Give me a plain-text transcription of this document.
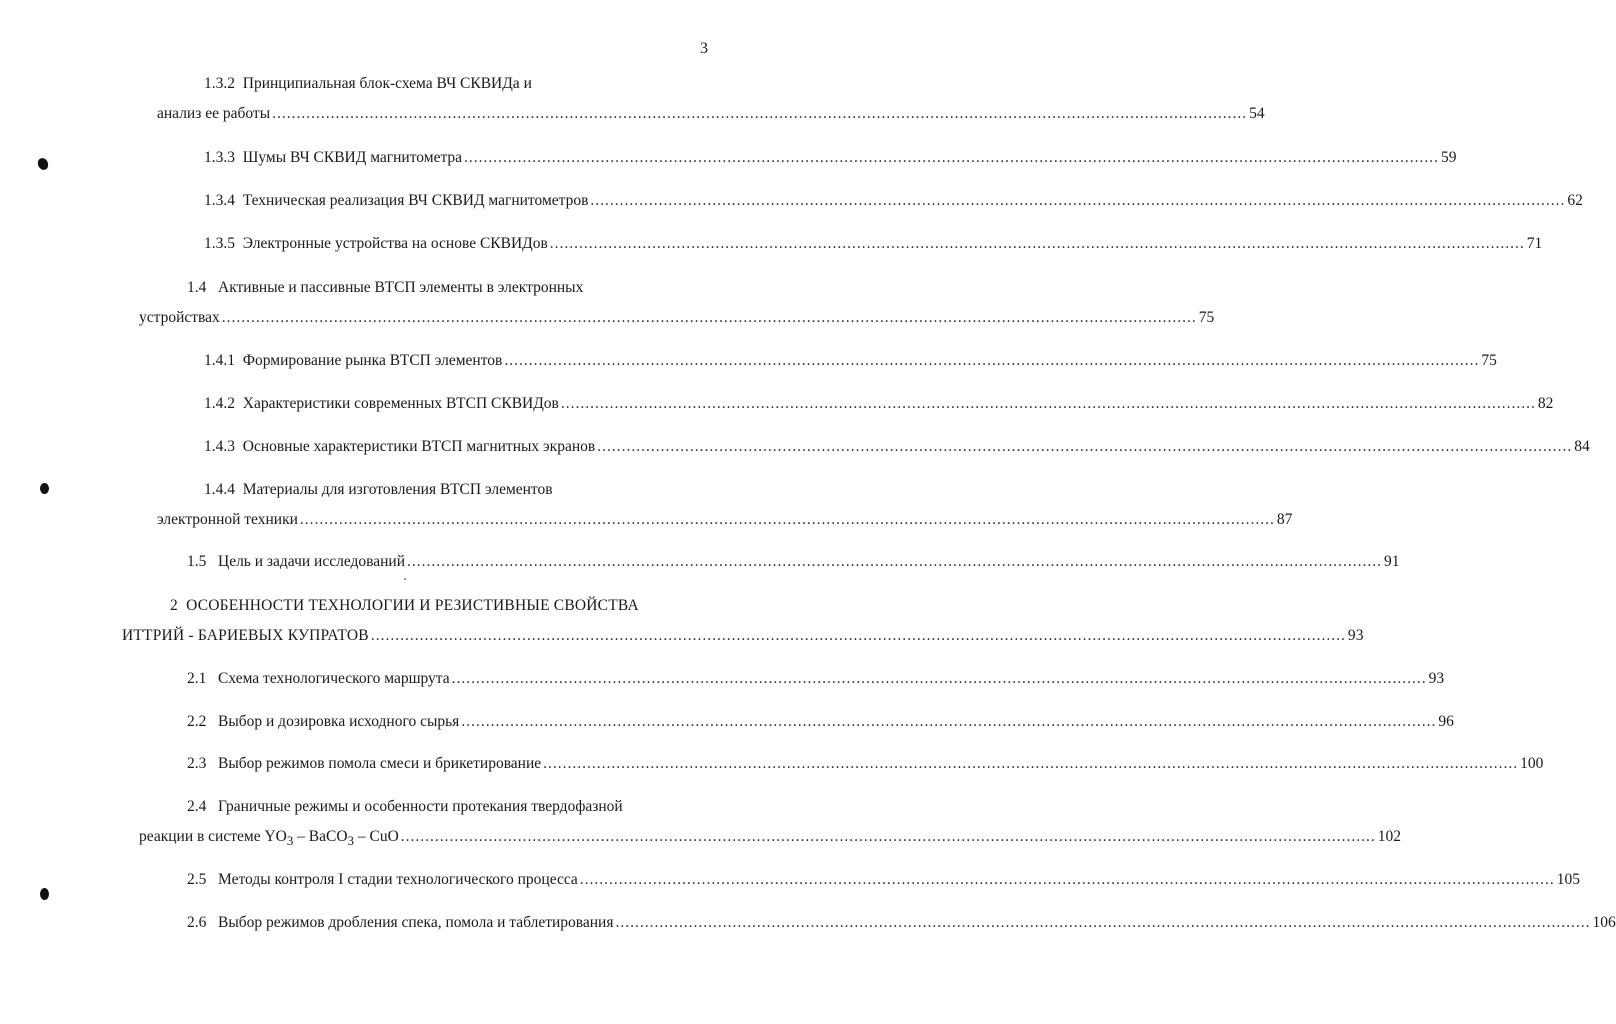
3
1.3.2 Принципиальная блок-схема ВЧ СКВИДа и
анализ ее работы ........................................................................................................................................................................................................ 54
1.3.3 Шумы ВЧ СКВИД магнитометра ........................................................................................................................................................................................................ 59
1.3.4 Техническая реализация ВЧ СКВИД магнитометров ........................................................................................................................................................................................................ 62
1.3.5 Электронные устройства на основе СКВИДов ........................................................................................................................................................................................................ 71
1.4 Активные и пассивные ВТСП элементы в электронных
устройствах ........................................................................................................................................................................................................ 75
1.4.1 Формирование рынка ВТСП элементов ........................................................................................................................................................................................................ 75
1.4.2 Характеристики современных ВТСП СКВИДов ........................................................................................................................................................................................................ 82
1.4.3 Основные характеристики ВТСП магнитных экранов ........................................................................................................................................................................................................ 84
1.4.4 Материалы для изготовления ВТСП элементов
электронной техники ........................................................................................................................................................................................................ 87
1.5 Цель и задачи исследований ........................................................................................................................................................................................................ 91
2 ОСОБЕННОСТИ ТЕХНОЛОГИИ И РЕЗИСТИВНЫЕ СВОЙСТВА
ИТТРИЙ - БАРИЕВЫХ КУПРАТОВ ........................................................................................................................................................................................................ 93
2.1 Схема технологического маршрута ........................................................................................................................................................................................................ 93
2.2 Выбор и дозировка исходного сырья ........................................................................................................................................................................................................ 96
2.3 Выбор режимов помола смеси и брикетирование ........................................................................................................................................................................................................ 100
2.4 Граничные режимы и особенности протекания твердофазной
реакции в системе $YO_3$ – BaCO$_3$ – CuO ........................................................................................................................................................................................................ 102
2.5 Методы контроля I стадии технологического процесса ........................................................................................................................................................................................................ 105
2.6 Выбор режимов дробления спека, помола и таблетирования ........................................................................................................................................................................................................ 106
